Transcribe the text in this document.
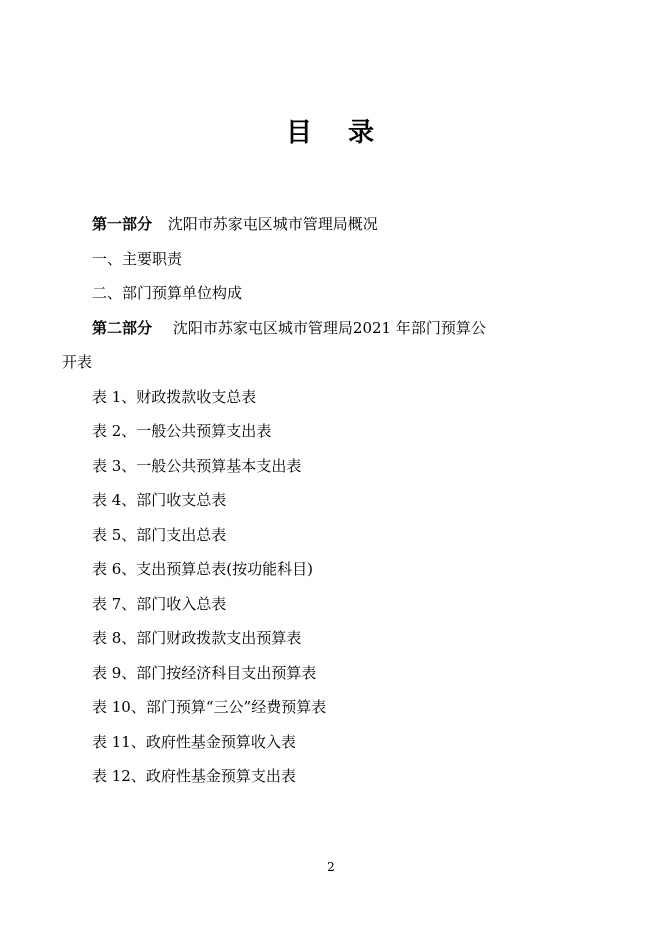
目 录
第一部分 沈阳市苏家屯区城市管理局概况
一、主要职责
二、部门预算单位构成
第二部分 沈阳市苏家屯区城市管理局2021 年部门预算公
开表
表 1、财政拨款收支总表
表 2、一般公共预算支出表
表 3、一般公共预算基本支出表
表 4、部门收支总表
表 5、部门支出总表
表 6、支出预算总表(按功能科目)
表 7、部门收入总表
表 8、部门财政拨款支出预算表
表 9、部门按经济科目支出预算表
表 10、部门预算“三公”经费预算表
表 11、政府性基金预算收入表
表 12、政府性基金预算支出表
2
